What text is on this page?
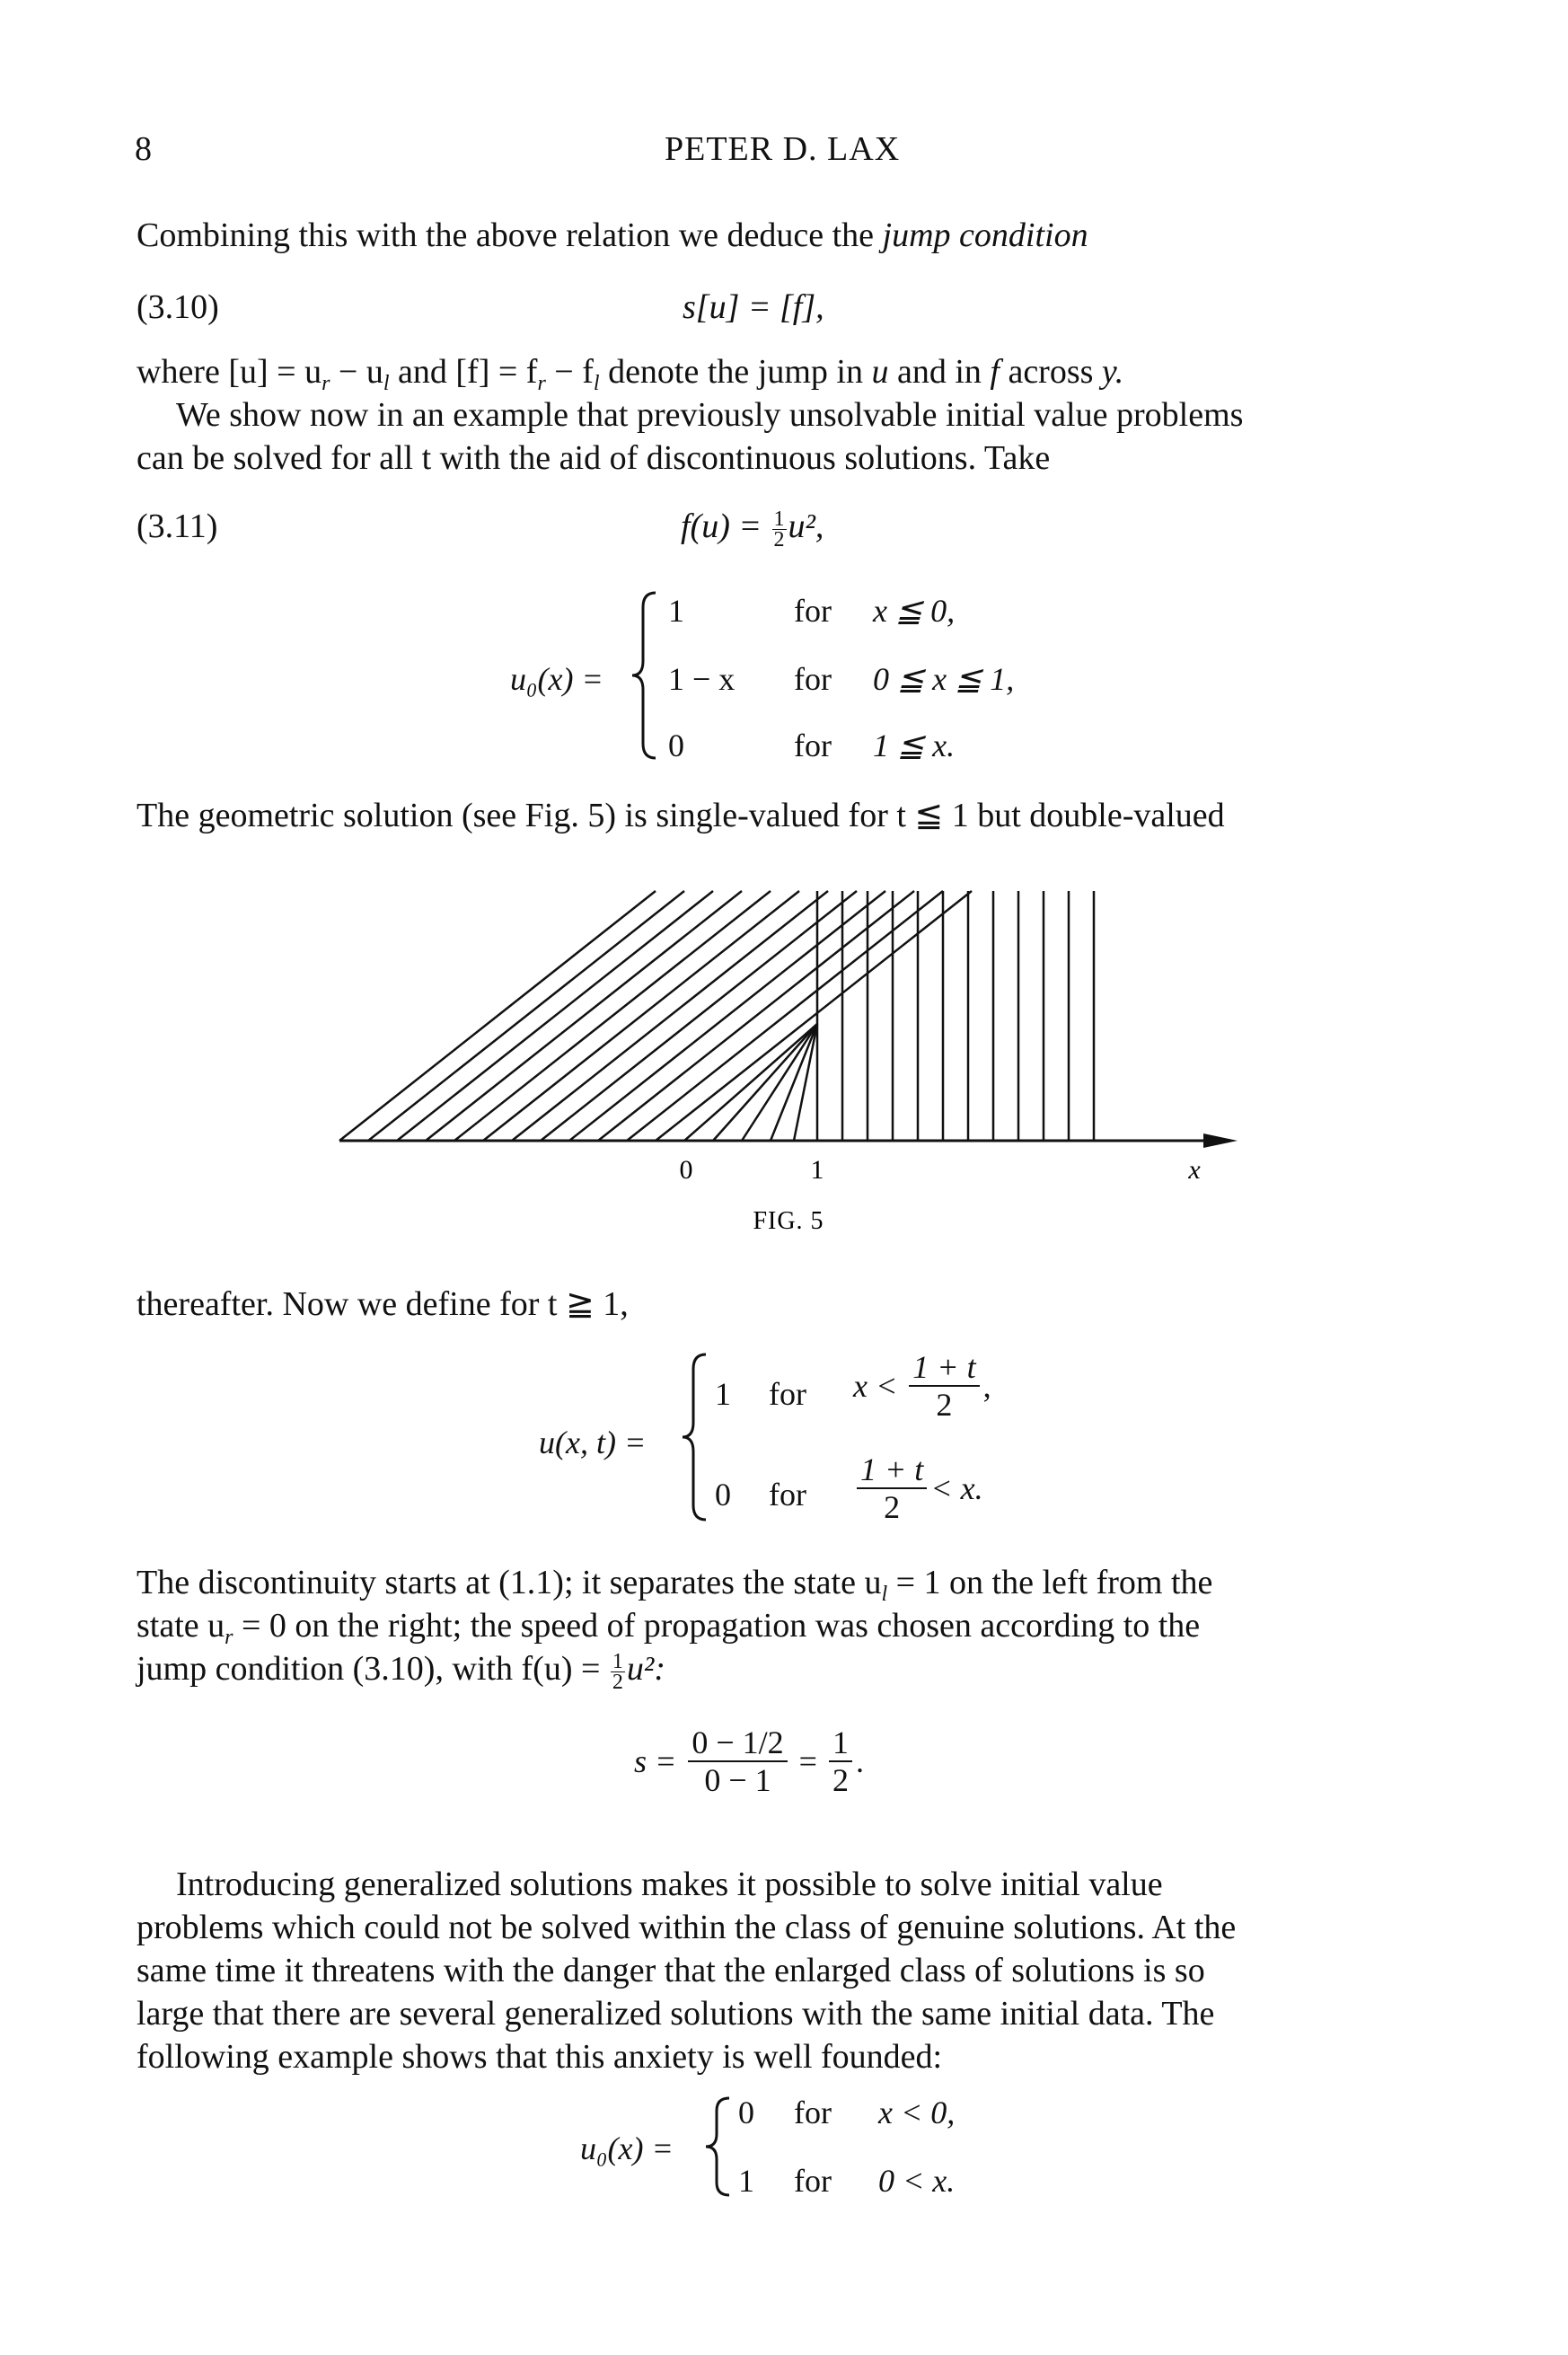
8	PETER D. LAX
Combining this with the above relation we deduce the jump condition
(3.10)	s[u] = [f],
where $[u] = u_r - u_l$ and $[f] = f_r - f_l$ denote the jump in u and in f across y.
We show now in an example that previously unsolvable initial value problems
can be solved for all t with the aid of discontinuous solutions. Take
(3.11)	$f(u) = \frac{1}{2} u^2$,
u₀(x) =
1	for x ≦ 0,
1 − x for 0 ≦ x ≦ 1,
0	for 1 ≦ x.
The geometric solution (see Fig. 5) is single-valued for t ≦ 1 but double-valued
0	1	x
FIG. 5
thereafter. Now we define for t ≧ 1,
u(x, t) =
1 for $x < \frac{1 + t}{2}$ ,
0 for $\frac{1 + t}{2} < x$.
The discontinuity starts at (1.1); it separates the state $u_l = 1$ on the left from the
state $u_r = 0$ on the right; the speed of propagation was chosen according to the
jump condition (3.10), with $f(u) = \frac{1}{2} u^2$:
$s = \frac{0 - 1/2}{0 - 1} = \frac{1}{2}$ .
Introducing generalized solutions makes it possible to solve initial value
problems which could not be solved within the class of genuine solutions. At the
same time it threatens with the danger that the enlarged class of solutions is so
large that there are several generalized solutions with the same initial data. The
following example shows that this anxiety is well founded:
u₀(x) =
0 for x < 0,
1 for 0 < x.
